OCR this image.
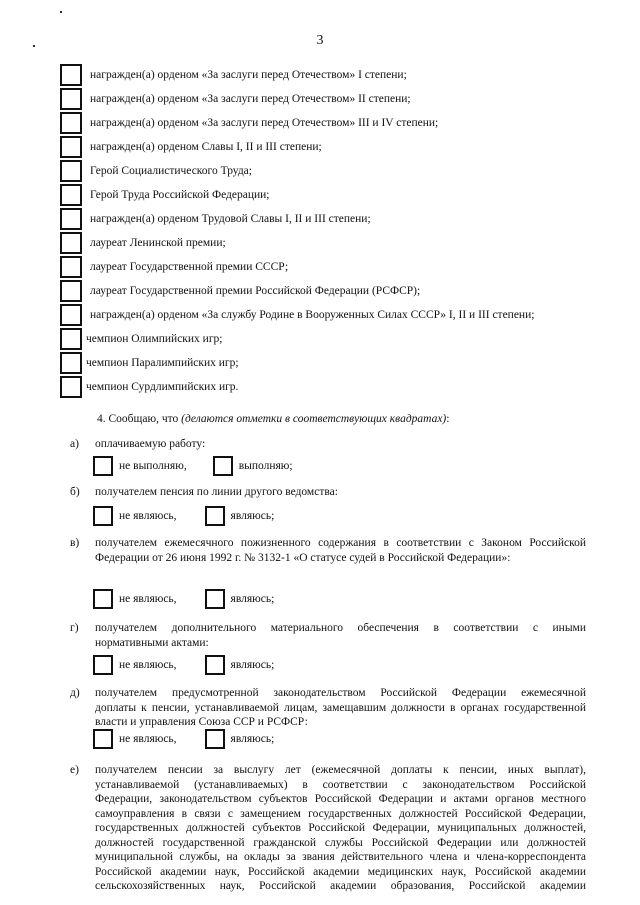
3
награжден(а) орденом «За заслуги перед Отечеством» I степени;
награжден(а) орденом «За заслуги перед Отечеством» II степени;
награжден(а) орденом «За заслуги перед Отечеством» III и IV степени;
награжден(а) орденом Славы I, II и III степени;
Герой Социалистического Труда;
Герой Труда Российской Федерации;
награжден(а) орденом Трудовой Славы I, II и III степени;
лауреат Ленинской премии;
лауреат Государственной премии СССР;
лауреат Государственной премии Российской Федерации (РСФСР);
награжден(а) орденом «За службу Родине в Вооруженных Силах СССР» I, II и III степени;
чемпион Олимпийских игр;
чемпион Паралимпийских игр;
чемпион Сурдлимпийских игр.
4. Сообщаю, что (делаются отметки в соответствующих квадратах):
а) оплачиваемую работу:
не выполняю,	выполняю;
б) получателем пенсия по линии другого ведомства:
не являюсь,	являюсь;
в) получателем ежемесячного пожизненного содержания в соответствии с Законом Российской
Федерации от 26 июня 1992 г. № 3132-1 «О статусе судей в Российской Федерации»:
не являюсь,	являюсь;
г) получателем дополнительного материального обеспечения в соответствии с иными
нормативными актами:
не являюсь,	являюсь;
д) получателем предусмотренной законодательством Российской Федерации ежемесячной
доплаты к пенсии, устанавливаемой лицам, замещавшим должности в органах государственной
власти и управления Союза ССР и РСФСР:
не являюсь,	являюсь;
е) получателем пенсии за выслугу лет (ежемесячной доплаты к пенсии, иных выплат),
устанавливаемой (устанавливаемых) в соответствии с законодательством Российской
Федерации, законодательством субъектов Российской Федерации и актами органов местного
самоуправления в связи с замещением государственных должностей Российской Федерации,
государственных должностей субъектов Российской Федерации, муниципальных должностей,
должностей государственной гражданской службы Российской Федерации или должностей
муниципальной службы, на оклады за звания действительного члена и члена-корреспондента
Российской академии наук, Российской академии медицинских наук, Российской академии
сельскохозяйственных наук, Российской академии образования, Российской академии
